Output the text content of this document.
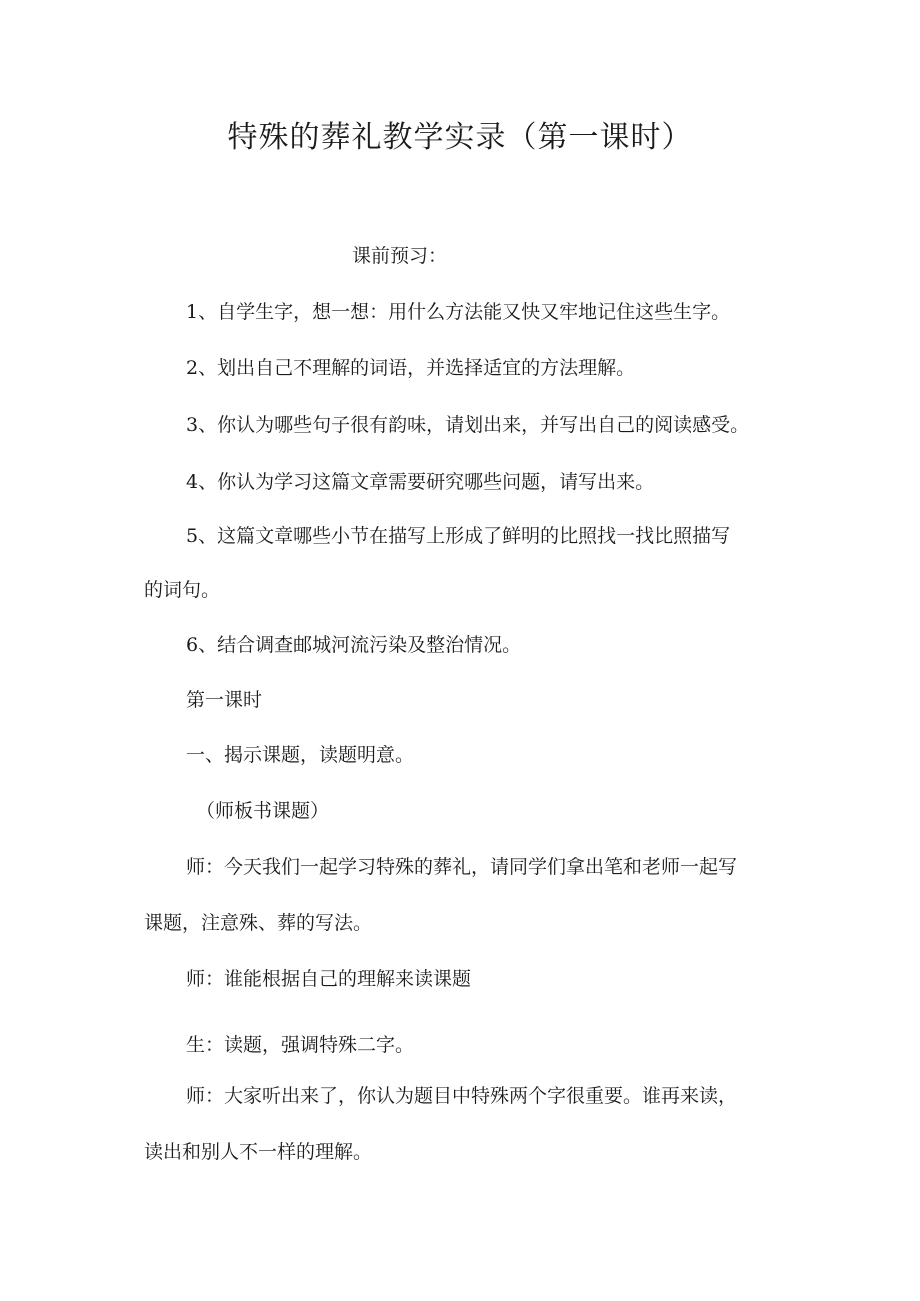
特殊的葬礼教学实录（第一课时）
课前预习：
1、自学生字，想一想：用什么方法能又快又牢地记住这些生字。
2、划出自己不理解的词语，并选择适宜的方法理解。
3、你认为哪些句子很有韵味，请划出来，并写出自己的阅读感受。
4、你认为学习这篇文章需要研究哪些问题，请写出来。
5、这篇文章哪些小节在描写上形成了鲜明的比照找一找比照描写
的词句。
6、结合调查邮城河流污染及整治情况。
第一课时
一、揭示课题，读题明意。
（师板书课题）
师：今天我们一起学习特殊的葬礼，请同学们拿出笔和老师一起写
课题，注意殊、葬的写法。
师：谁能根据自己的理解来读课题
生：读题，强调特殊二字。
师：大家听出来了，你认为题目中特殊两个字很重要。谁再来读，
读出和别人不一样的理解。
